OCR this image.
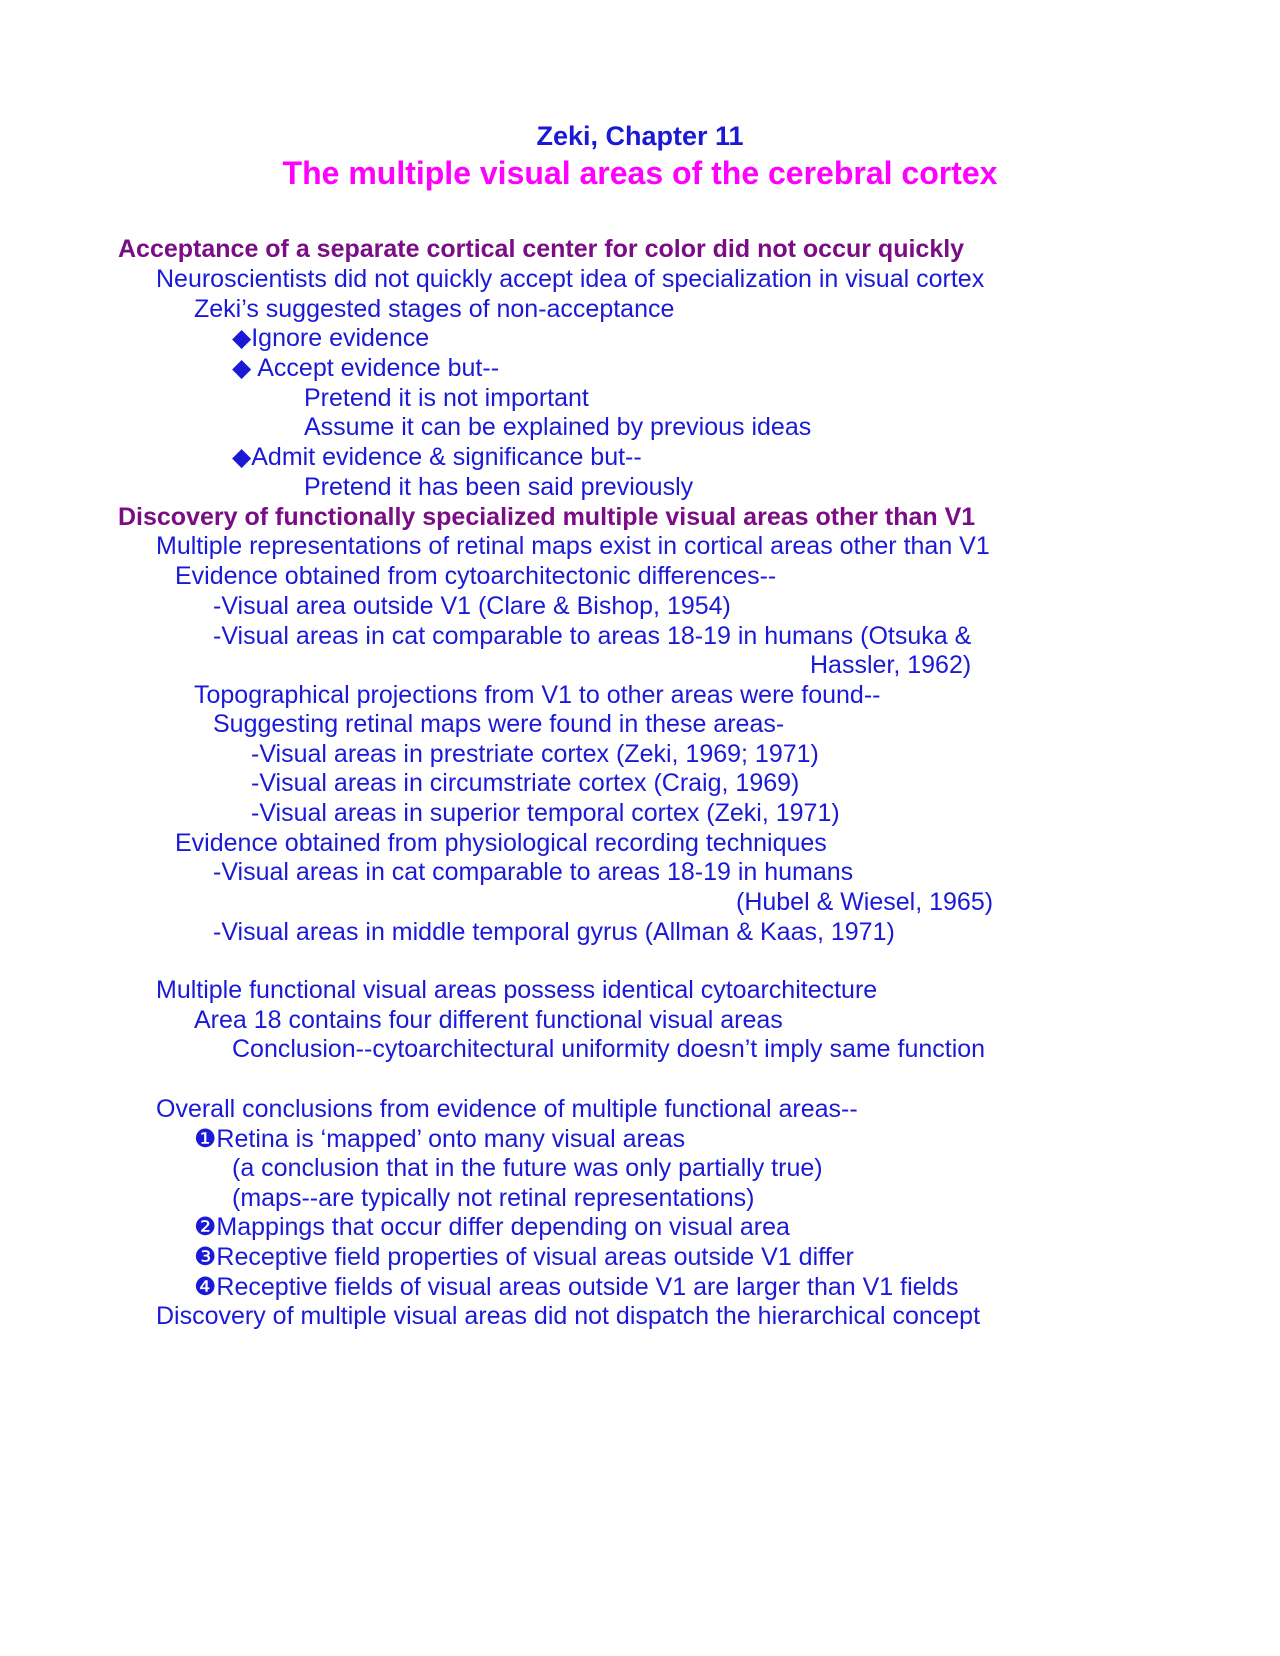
Zeki, Chapter 11
The multiple visual areas of the cerebral cortex
Acceptance of a separate cortical center for color did not occur quickly
Neuroscientists did not quickly accept idea of specialization in visual cortex
Zeki’s suggested stages of non-acceptance
◆Ignore evidence
◆ Accept evidence but--
Pretend it is not important
Assume it can be explained by previous ideas
◆Admit evidence & significance but--
Pretend it has been said previously
Discovery of functionally specialized multiple visual areas other than V1
Multiple representations of retinal maps exist in cortical areas other than V1
Evidence obtained from cytoarchitectonic differences--
-Visual area outside V1 (Clare & Bishop, 1954)
-Visual areas in cat comparable to areas 18-19 in humans (Otsuka &
Hassler, 1962)
Topographical projections from V1 to other areas were found--
Suggesting retinal maps were found in these areas-
-Visual areas in prestriate cortex (Zeki, 1969; 1971)
-Visual areas in circumstriate cortex (Craig, 1969)
-Visual areas in superior temporal cortex (Zeki, 1971)
Evidence obtained from physiological recording techniques
-Visual areas in cat comparable to areas 18-19 in humans
(Hubel & Wiesel, 1965)
-Visual areas in middle temporal gyrus (Allman & Kaas, 1971)
Multiple functional visual areas possess identical cytoarchitecture
Area 18 contains four different functional visual areas
Conclusion--cytoarchitectural uniformity doesn’t imply same function
Overall conclusions from evidence of multiple functional areas--
❶Retina is ‘mapped’ onto many visual areas
(a conclusion that in the future was only partially true)
(maps--are typically not retinal representations)
❷Mappings that occur differ depending on visual area
❸Receptive field properties of visual areas outside V1 differ
❹Receptive fields of visual areas outside V1 are larger than V1 fields
Discovery of multiple visual areas did not dispatch the hierarchical concept
